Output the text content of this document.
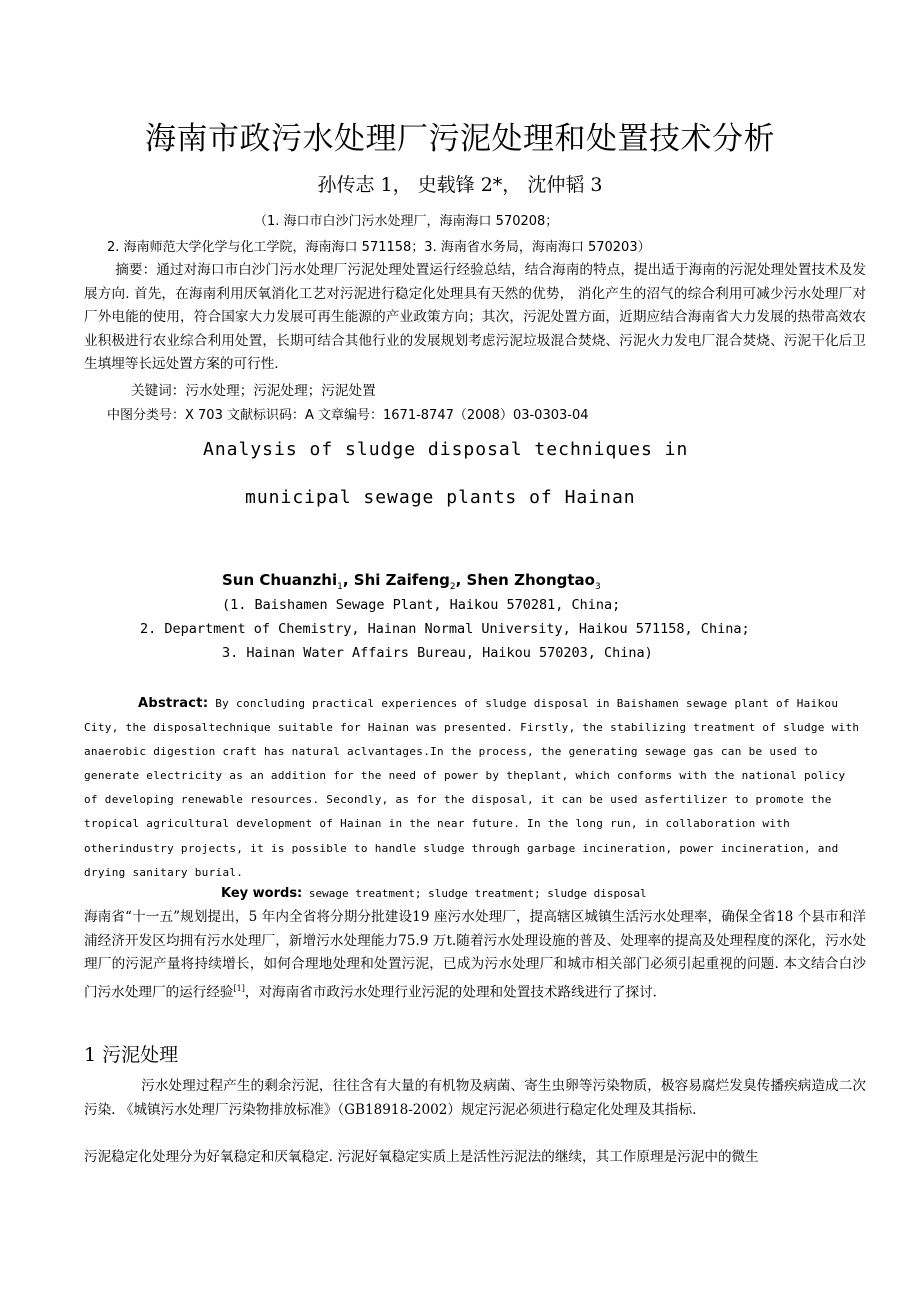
海南市政污水处理厂污泥处理和处置技术分析
孙传志 1， 史载锋 2*， 沈仲韬 3
（1. 海口市白沙门污水处理厂，海南海口 570208；
2. 海南师范大学化学与化工学院，海南海口 571158；3. 海南省水务局，海南海口 570203）
摘要：通过对海口市白沙门污水处理厂污泥处理处置运行经验总结，结合海南的特点，提出适于海南的污泥处理处置技术及发展方向. 首先，在海南利用厌氧消化工艺对污泥进行稳定化处理具有天然的优势， 消化产生的沼气的综合利用可减少污水处理厂对厂外电能的使用，符合国家大力发展可再生能源的产业政策方向；其次，污泥处置方面，近期应结合海南省大力发展的热带高效农业积极进行农业综合利用处置，长期可结合其他行业的发展规划考虑污泥垃圾混合焚烧、污泥火力发电厂混合焚烧、污泥干化后卫生填埋等长远处置方案的可行性.
关键词：污水处理；污泥处理；污泥处置
中图分类号：X 703 文献标识码：A 文章编号：1671-8747（2008）03-0303-04
Analysis of sludge disposal techniques in
municipal sewage plants of Hainan
Sun Chuanzhi$_1$, Shi Zaifeng$_2$, Shen Zhongtao$_3$
(1. Baishamen Sewage Plant, Haikou 570281, China;
2. Department of Chemistry, Hainan Normal University, Haikou 571158, China;
3. Hainan Water Affairs Bureau, Haikou 570203, China)
Abstract: By concluding practical experiences of sludge disposal in Baishamen sewage plant of Haikou City, the disposaltechnique suitable for Hainan was presented. Firstly, the stabilizing treatment of sludge with anaerobic digestion craft has natural aclvantages.In the process, the generating sewage gas can be used to generate electricity as an addition for the need of power by theplant, which conforms with the national policy of developing renewable resources. Secondly, as for the disposal, it can be used asfertilizer to promote the tropical agricultural development of Hainan in the near future. In the long run, in collaboration with otherindustry projects, it is possible to handle sludge through garbage incineration, power incineration, and drying sanitary burial.
Key words: sewage treatment; sludge treatment; sludge disposal
海南省“十一五”规划提出，5 年内全省将分期分批建设19 座污水处理厂，提高辖区城镇生活污水处理率，确保全省18 个县市和洋浦经济开发区均拥有污水处理厂，新增污水处理能力75.9 万t.随着污水处理设施的普及、处理率的提高及处理程度的深化，污水处理厂的污泥产量将持续增长，如何合理地处理和处置污泥，已成为污水处理厂和城市相关部门必须引起重视的问题. 本文结合白沙门污水处理厂的运行经验[1]，对海南省市政污水处理行业污泥的处理和处置技术路线进行了探讨.
1 污泥处理
污水处理过程产生的剩余污泥，往往含有大量的有机物及病菌、寄生虫卵等污染物质，极容易腐烂发臭传播疾病造成二次污染. 《城镇污水处理厂污染物排放标准》（GB18918-2002）规定污泥必须进行稳定化处理及其指标.
污泥稳定化处理分为好氧稳定和厌氧稳定. 污泥好氧稳定实质上是活性污泥法的继续，其工作原理是污泥中的微生
